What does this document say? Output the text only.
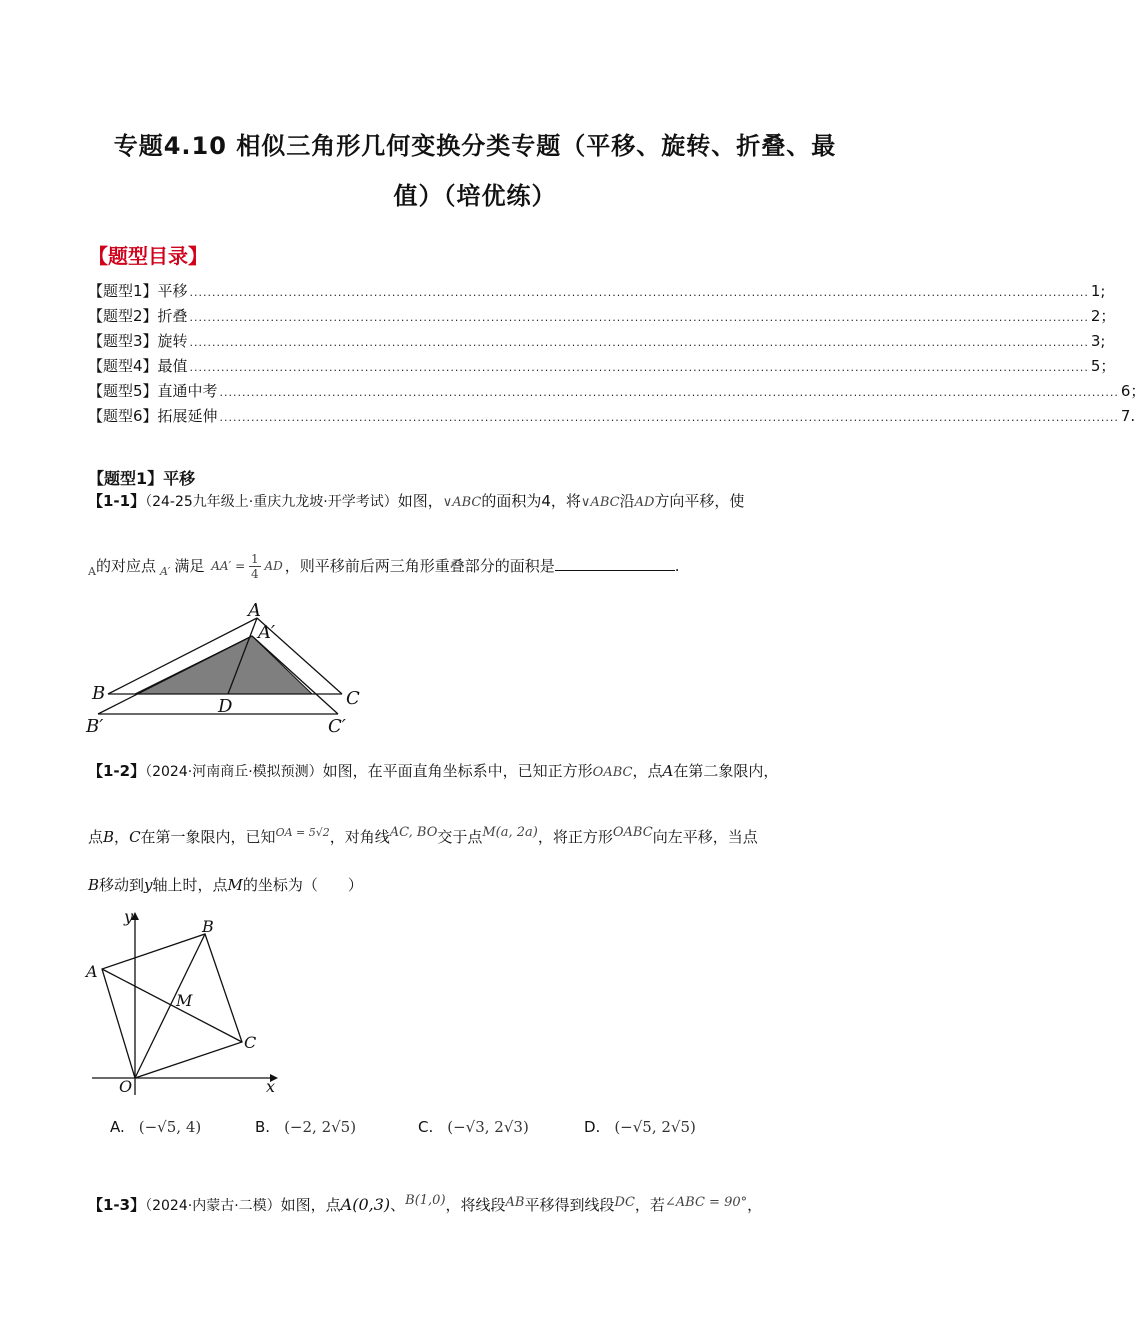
专题4.10 相似三角形几何变换分类专题（平移、旋转、折叠、最
值）（培优练）
【题型目录】
【题型1】平移 ........................................................................................................................................................................................................ 1;
【题型2】折叠 ........................................................................................................................................................................................................ 2；
【题型3】旋转 ........................................................................................................................................................................................................ 3;
【题型4】最值 ........................................................................................................................................................................................................ 5；
【题型5】直通中考 ........................................................................................................................................................................................................ 6；
【题型6】拓展延伸 ........................................................................................................................................................................................................ 7.
【题型1】平移
【1-1】（24-25九年级上·重庆九龙坡·开学考试）如图，∨ABC的面积为4，将∨ABC沿AD方向平移，使
$_A$的对应点 $_{A'}$ 满足 $AA' = \frac{1}{4}$ AD ，则平移前后两三角形重叠部分的面积是	.
A
A′
B
B′
C
C′
D
【1-2】（2024·河南商丘·模拟预测）如图，在平面直角坐标系中，已知正方形OABC，点A在第二象限内，
点B，C在第一象限内，已知$^{OA = 5√2}$，对角线AC, BO交于点M(a, 2a)，将正方形OABC向左平移，当点
B移动到y轴上时，点M的坐标为（　　）
y
x
O
A
B
C
M
A. (−√5, 4)	B. (−2, 2√5)	C. (−√3, 2√3)	D. (−√5, 2√5)
【1-3】（2024·内蒙古·二模）如图，点A(0,3)、B(1,0)，将线段AB平移得到线段DC，若∠ABC = 90°，
